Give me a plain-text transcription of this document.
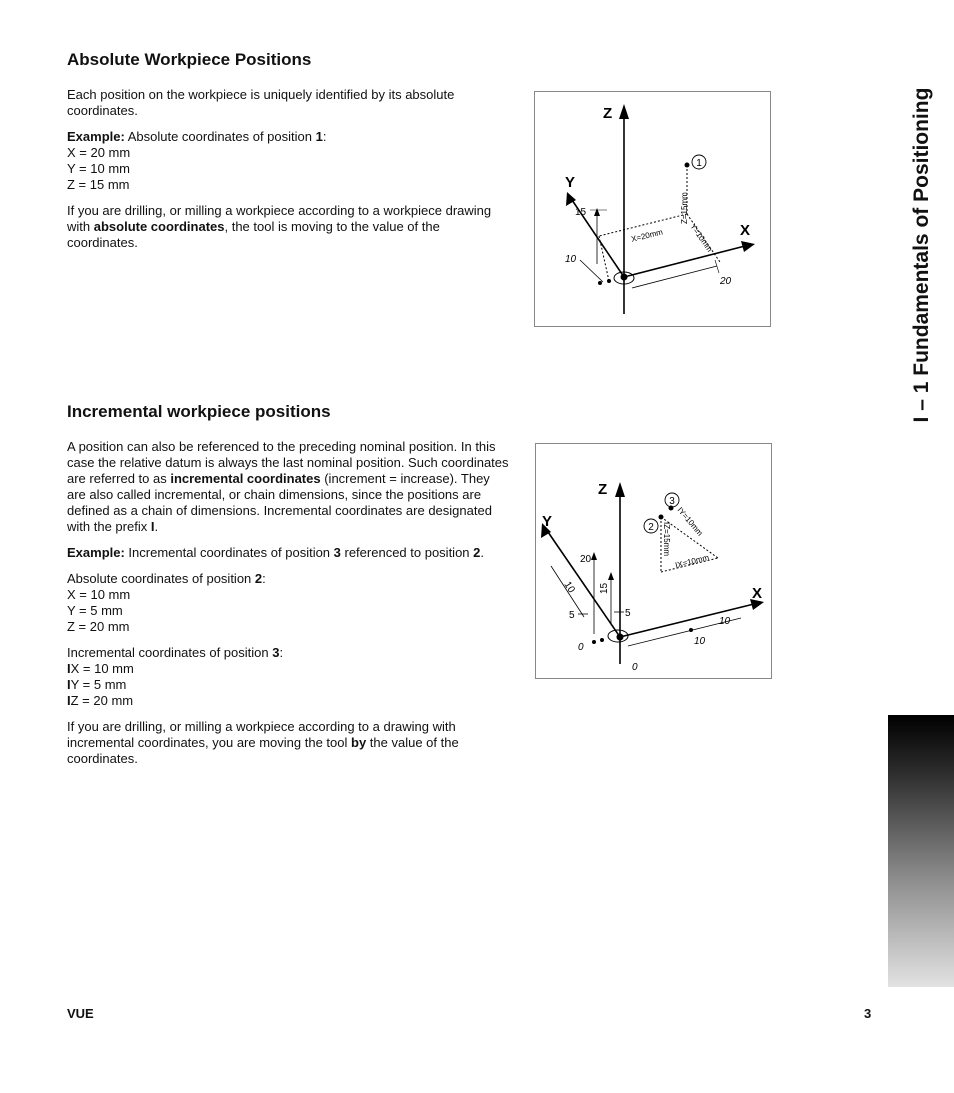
I – 1 Fundamentals of Positioning
Absolute Workpiece Positions

Each position on the workpiece is uniquely identified by its absolute coordinates.

Example: Absolute coordinates of position 1:
X = 20 mm
Y = 10 mm
Z = 15 mm

If you are drilling, or milling a workpiece according to a workpiece drawing with absolute coordinates, the tool is moving to the value of the coordinates.

Z
X
Y
1
X=20mm
Z=15mm
Y=10mm
15
10
20
Incremental workpiece positions

A position can also be referenced to the preceding nominal position. In this case the relative datum is always the last nominal position. Such coordinates are referred to as incremental coordinates (increment = increase). They are also called incremental, or chain dimensions, since the positions are defined as a chain of dimensions. Incremental coordinates are designated with the prefix I.

Example: Incremental coordinates of position 3 referenced to position 2.

Absolute coordinates of position 2:
X = 10 mm
Y = 5 mm
Z = 20 mm

Incremental coordinates of position 3:
IX = 10 mm
IY = 5 mm
IZ = 20 mm

If you are drilling, or milling a workpiece according to a drawing with incremental coordinates, you are moving the tool by the value of the coordinates.

Z
X
Y	2
3
IY=10mm
IZ=15mm
IX=10mm
20
15
10
5	5
0
0
10
10
VUE	3
